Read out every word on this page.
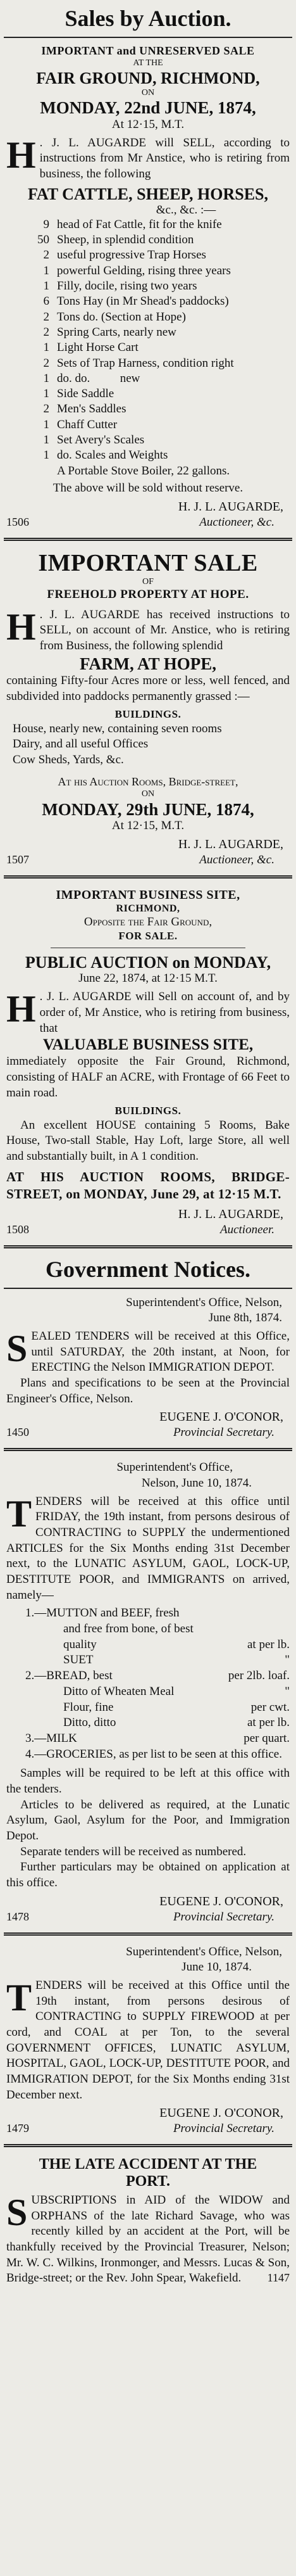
Sales by Auction.

IMPORTANT and UNRESERVED SALE

AT THE

FAIR GROUND, RICHMOND,

ON

MONDAY, 22nd JUNE, 1874,

At 12·15, M.T.

H . J. L. AUGARDE will SELL, according to instructions from Mr Anstice, who is retiring from business, the following

FAT CATTLE, SHEEP, HORSES,

&c., &c. :—

9 head of Fat Cattle, fit for the knife
50 Sheep, in splendid condition
2 useful progressive Trap Horses
1 powerful Gelding, rising three years
1 Filly, docile, rising two years
6 Tons Hay (in Mr Shead's paddocks)
2 Tons do. (Section at Hope)
2 Spring Carts, nearly new
1 Light Horse Cart
2 Sets of Trap Harness, condition right
1 do. do.          new
1 Side Saddle
2 Men's Saddles
1 Chaff Cutter
1 Set Avery's Scales
1 do. Scales and Weights
A Portable Stove Boiler, 22 gallons.

The above will be sold without reserve.

H. J. L. AUGARDE,

1506	Auctioneer, &c.

IMPORTANT SALE

OF

FREEHOLD PROPERTY AT HOPE.

H . J. L. AUGARDE has received instructions to SELL, on account of Mr. Anstice, who is retiring from Business, the following splendid

FARM, AT HOPE,

containing Fifty-four Acres more or less, well fenced, and subdivided into paddocks permanently grassed :—

BUILDINGS.

House, nearly new, containing seven rooms

Dairy, and all useful Offices

Cow Sheds, Yards, &c.

At his Auction Rooms, Bridge-street,

ON

MONDAY, 29th JUNE, 1874,

At 12·15, M.T.

H. J. L. AUGARDE,

1507	Auctioneer, &c.

IMPORTANT BUSINESS SITE,

RICHMOND,

Opposite the Fair Ground,

FOR SALE.

PUBLIC AUCTION on MONDAY,

June 22, 1874, at 12·15 M.T.

H . J. L. AUGARDE will Sell on account of, and by order of, Mr Anstice, who is retiring from business, that

VALUABLE BUSINESS SITE,

immediately opposite the Fair Ground, Richmond, consisting of HALF an ACRE, with Frontage of 66 Feet to main road.

BUILDINGS.

An excellent HOUSE containing 5 Rooms, Bake House, Two-stall Stable, Hay Loft, large Store, all well and substantially built, in A 1 condition.

AT HIS AUCTION ROOMS, BRIDGE-STREET, on MONDAY, June 29, at 12·15 M.T.

H. J. L. AUGARDE,

1508	Auctioneer.
Government Notices.

Superintendent's Office, Nelson,

June 8th, 1874.

SEALED TENDERS will be received at this Office, until SATURDAY, the 20th instant, at Noon, for ERECTING the Nelson IMMIGRATION DEPOT.

Plans and specifications to be seen at the Provincial Engineer's Office, Nelson.

EUGENE J. O'CONOR,

1450	Provincial Secretary.

Superintendent's Office,

Nelson, June 10, 1874.

TENDERS will be received at this office until FRIDAY, the 19th instant, from persons desirous of CONTRACTING to SUPPLY the undermentioned ARTICLES for the Six Months ending 31st December next, to the LUNATIC ASYLUM, GAOL, LOCK-UP, DESTITUTE POOR, and IMMIGRANTS on arrived, namely—

1.—MUTTON and BEEF, fresh
and free from bone, of best
quality	at per lb.
SUET	"
2.—BREAD, best	per 2lb. loaf.
Ditto of Wheaten Meal	"
Flour, fine	per cwt.
Ditto, ditto	at per lb.
3.—MILK	per quart.
4.—GROCERIES, as per list to be seen at this office.

Samples will be required to be left at this office with the tenders.

Articles to be delivered as required, at the Lunatic Asylum, Gaol, Asylum for the Poor, and Immigration Depot.

Separate tenders will be received as numbered.

Further particulars may be obtained on application at this office.

EUGENE J. O'CONOR,

1478	Provincial Secretary.

Superintendent's Office, Nelson,

June 10, 1874.

TENDERS will be received at this Office until the 19th instant, from persons desirous of CONTRACTING to SUPPLY FIREWOOD at per cord, and COAL at per Ton, to the several GOVERNMENT OFFICES, LUNATIC ASYLUM, HOSPITAL, GAOL, LOCK-UP, DESTITUTE POOR, and IMMIGRATION DEPOT, for the Six Months ending 31st December next.

EUGENE J. O'CONOR,

1479	Provincial Secretary.

THE LATE ACCIDENT AT THE

PORT.

SUBSCRIPTIONS in AID of the WIDOW and ORPHANS of the late Richard Savage, who was recently killed by an accident at the Port, will be thankfully received by the Provincial Treasurer, Nelson; Mr. W. C. Wilkins, Ironmonger, and Messrs. Lucas & Son, Bridge-street; or the Rev. John Spear, Wakefield. 1147
